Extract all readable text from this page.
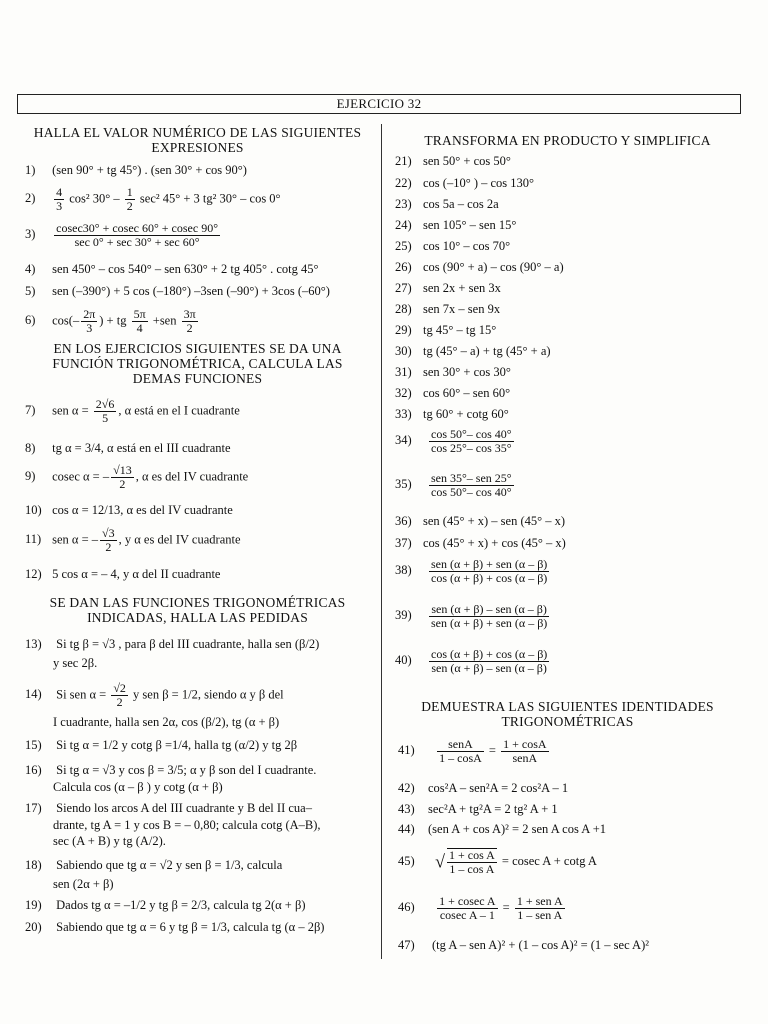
EJERCICIO 32
HALLA EL VALOR NUMÉRICO DE LAS SIGUIENTES
EXPRESIONES
1) (sen 90° + tg 45°) . (sen 30° + cos 90°)
$2) \frac{4}{3} \cos^2$ $30^\circ - \frac{1}{2} \sec^2$ 45° + 3 tg² 30° – cos 0°
$3) \frac{cosec30^\circ + cosec 60^\circ + cosec 90^\circ}{\sec 0^\circ + \sec 30^\circ + \sec 60^\circ}$
4) sen 450° – cos 540° – sen 630° + 2 tg 405° . cotg 45°
5) sen (–390°) + 5 cos (–180°) –3sen (–90°) + 3cos (–60°)
6) $\cos(- \frac{2\pi}{3}$ ) + tg $\frac{5\pi}{4} +sen \frac{3\pi}{2}$
EN LOS EJERCICIOS SIGUIENTES SE DA UNA
FUNCIÓN TRIGONOMÉTRICA, CALCULA LAS
DEMAS FUNCIONES
7) sen $\alpha = \frac{2√6}{5}$ , α está en el I cuadrante
8) tg α = 3/4, α está en el III cuadrante
9) cosec α = – $\frac{√13}{2}$ , α es del IV cuadrante
10) cos α = 12/13, α es del IV cuadrante
11) sen α = – $\frac{√3}{2}$ , y α es del IV cuadrante
12) 5 cos α = – 4, y α del II cuadrante
SE DAN LAS FUNCIONES TRIGONOMÉTRICAS
INDICADAS, HALLA LAS PEDIDAS
13) Si tg β = √3 , para β del III cuadrante, halla sen (β/2)
y sec 2β.
14) Si sen $\alpha = \frac{√2}{2}$ y sen β = 1/2, siendo α y β del
I cuadrante, halla sen 2α, cos (β/2), tg (α + β)
15) Si tg α = 1/2 y cotg β =1/4, halla tg (α/2) y tg 2β
16) Si tg α = √3 y cos β = 3/5; α y β son del I cuadrante.
Calcula cos (α – β ) y cotg (α + β)
17) Siendo los arcos A del III cuadrante y B del II cua–
drante, tg A = 1 y cos B = – 0,80; calcula cotg (A–B),
sec (A + B) y tg (A/2).
18) Sabiendo que tg α = √2 y sen β = 1/3, calcula
sen (2α + β)
19) Dados tg α = –1/2 y tg β = 2/3, calcula tg 2(α + β)
20) Sabiendo que tg α = 6 y tg β = 1/3, calcula tg (α – 2β)
TRANSFORMA EN PRODUCTO Y SIMPLIFICA
21) sen 50° + cos 50°
22) cos (–10° ) – cos 130°
23) cos 5a – cos 2a
24) sen 105° – sen 15°
25) cos 10° – cos 70°
26) cos (90° + a) – cos (90° – a)
27) sen 2x + sen 3x
28) sen 7x – sen 9x
29) tg 45° – tg 15°
30) tg (45° – a) + tg (45° + a)
31) sen 30° + cos 30°
32) cos 60° – sen 60°
33) tg 60° + cotg 60°
$34) \frac{\cos 50^\circ- \cos 40^\circ}{\cos 25^\circ- \cos 35^\circ}$
$35) \frac{\text{sen 35°– sen 25°}}{\cos 50^\circ- \cos 40^\circ}$
36) sen (45° + x) – sen (45° – x)
37) cos (45° + x) + cos (45° – x)
$38) \frac{\text{sen (α + β) + sen (α – β)}}{\cos (\alpha + \beta) + \cos (\alpha - \beta)}$
$39) \frac{\text{sen (α + β) – sen (α – β)}}{\text{sen (α + β) + sen (α – β)}}$
$40) \frac{\cos (\alpha + \beta) + \cos (\alpha - \beta)}{\text{sen (α + β) – sen (α – β)}}$
DEMUESTRA LAS SIGUIENTES IDENTIDADES
TRIGONOMÉTRICAS
$41) \frac{\text{senA}}{1 - \cos A} = \frac{1 + \cos A}{\text{senA}}$
42) cos²A – sen²A = 2 cos²A – 1
43) sec²A + tg²A = 2 tg² A + 1
44) (sen A + cos A)² = 2 sen A cos A +1
45) √ $\frac{\text{1 + cos A}}{\text{1 – cos A}} = cosec$ A + cotg A
$46) \frac{\text{1 + cosec A}}{\text{cosec A – 1}} = \frac{\text{1 + sen A}}{\text{1 – sen A}}$
47) (tg A – sen A)² + (1 – cos A)² = (1 – sec A)²
